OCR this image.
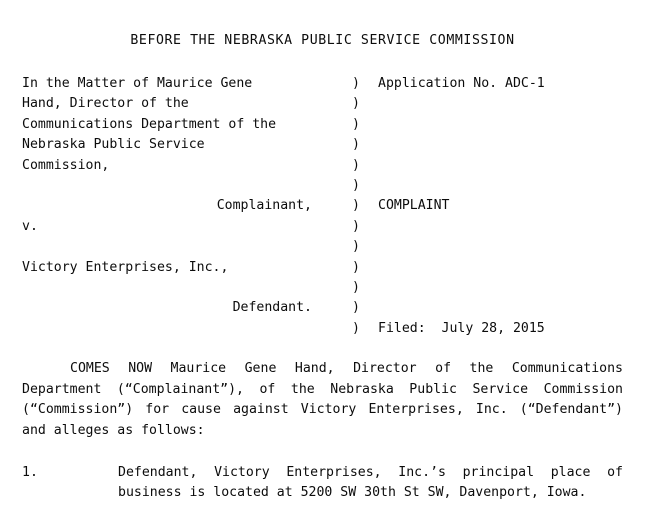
BEFORE THE NEBRASKA PUBLIC SERVICE COMMISSION
In the Matter of Maurice Gene	)	Application No. ADC-1
Hand, Director of the	)
Communications Department of the	)
Nebraska Public Service	)
Commission,	)
)
Complainant,	)	COMPLAINT
v.	)
)
Victory Enterprises, Inc.,	)
)
Defendant.	)
)	Filed:  July 28, 2015
COMES NOW Maurice Gene Hand, Director of the Communications Department (“Complainant”), of the Nebraska Public Service Commission (“Commission”) for cause against Victory Enterprises, Inc. (“Defendant”) and alleges as follows:
1.	Defendant, Victory Enterprises, Inc.’s principal place of business is located at 5200 SW 30th St SW, Davenport, Iowa.
